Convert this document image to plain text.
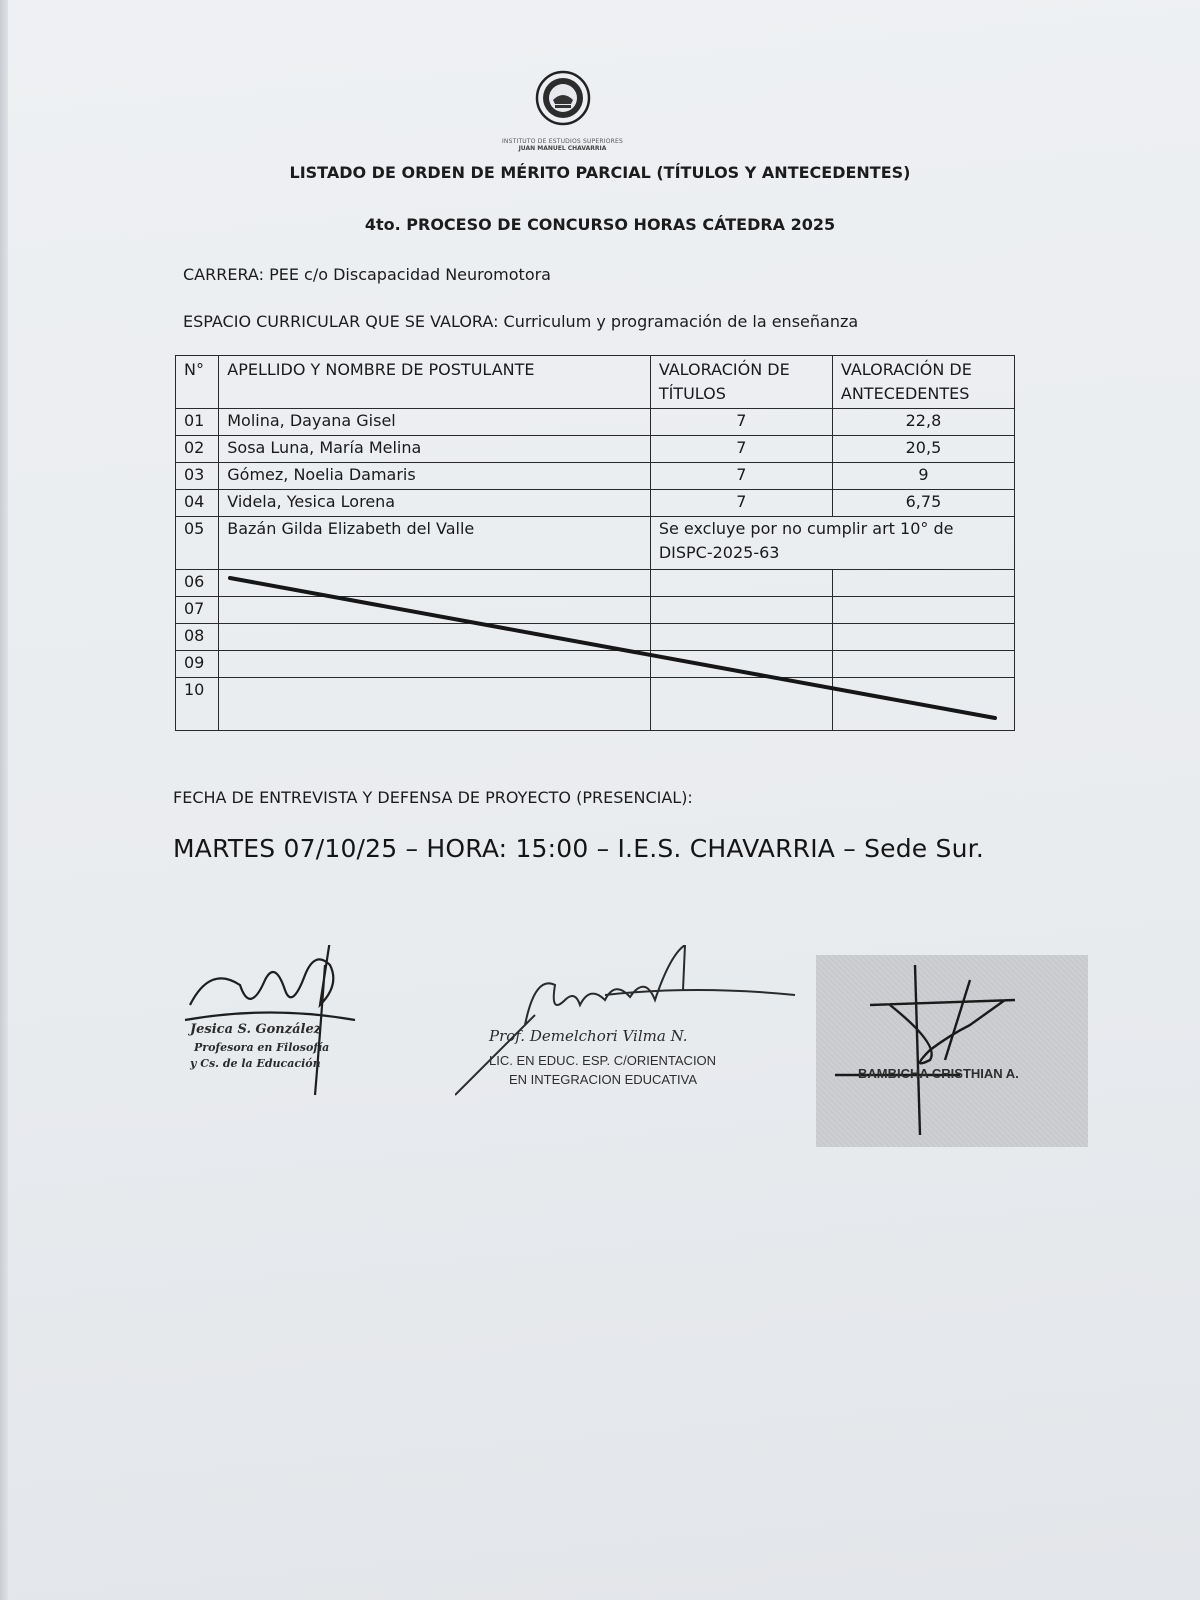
INSTITUTO DE ESTUDIOS SUPERIORES
JUAN MANUEL CHAVARRIA
LISTADO DE ORDEN DE MÉRITO PARCIAL (TÍTULOS Y ANTECEDENTES)
4to. PROCESO DE CONCURSO HORAS CÁTEDRA 2025
CARRERA: PEE c/o Discapacidad Neuromotora
ESPACIO CURRICULAR QUE SE VALORA: Curriculum y programación de la enseñanza
N°	APELLIDO Y NOMBRE DE POSTULANTE	VALORACIÓN DE TÍTULOS	VALORACIÓN DE ANTECEDENTES
01	Molina, Dayana Gisel	7	22,8
02	Sosa Luna, María Melina	7	20,5
03	Gómez, Noelia Damaris	7	9
04	Videla, Yesica Lorena	7	6,75
05	Bazán Gilda Elizabeth del Valle	Se excluye por no cumplir art 10° de DISPC-2025-63	
06			
07			
08			
09			
10			
FECHA DE ENTREVISTA Y DEFENSA DE PROYECTO (PRESENCIAL):
MARTES 07/10/25 – HORA: 15:00 – I.E.S. CHAVARRIA – Sede Sur.
Jesica S. González
Profesora en Filosofía
y Cs. de la Educación
Prof. Demelchori Vilma N.
LIC. EN EDUC. ESP. C/ORIENTACION
EN INTEGRACION EDUCATIVA	BAMBICHA CRISTHIAN A.
